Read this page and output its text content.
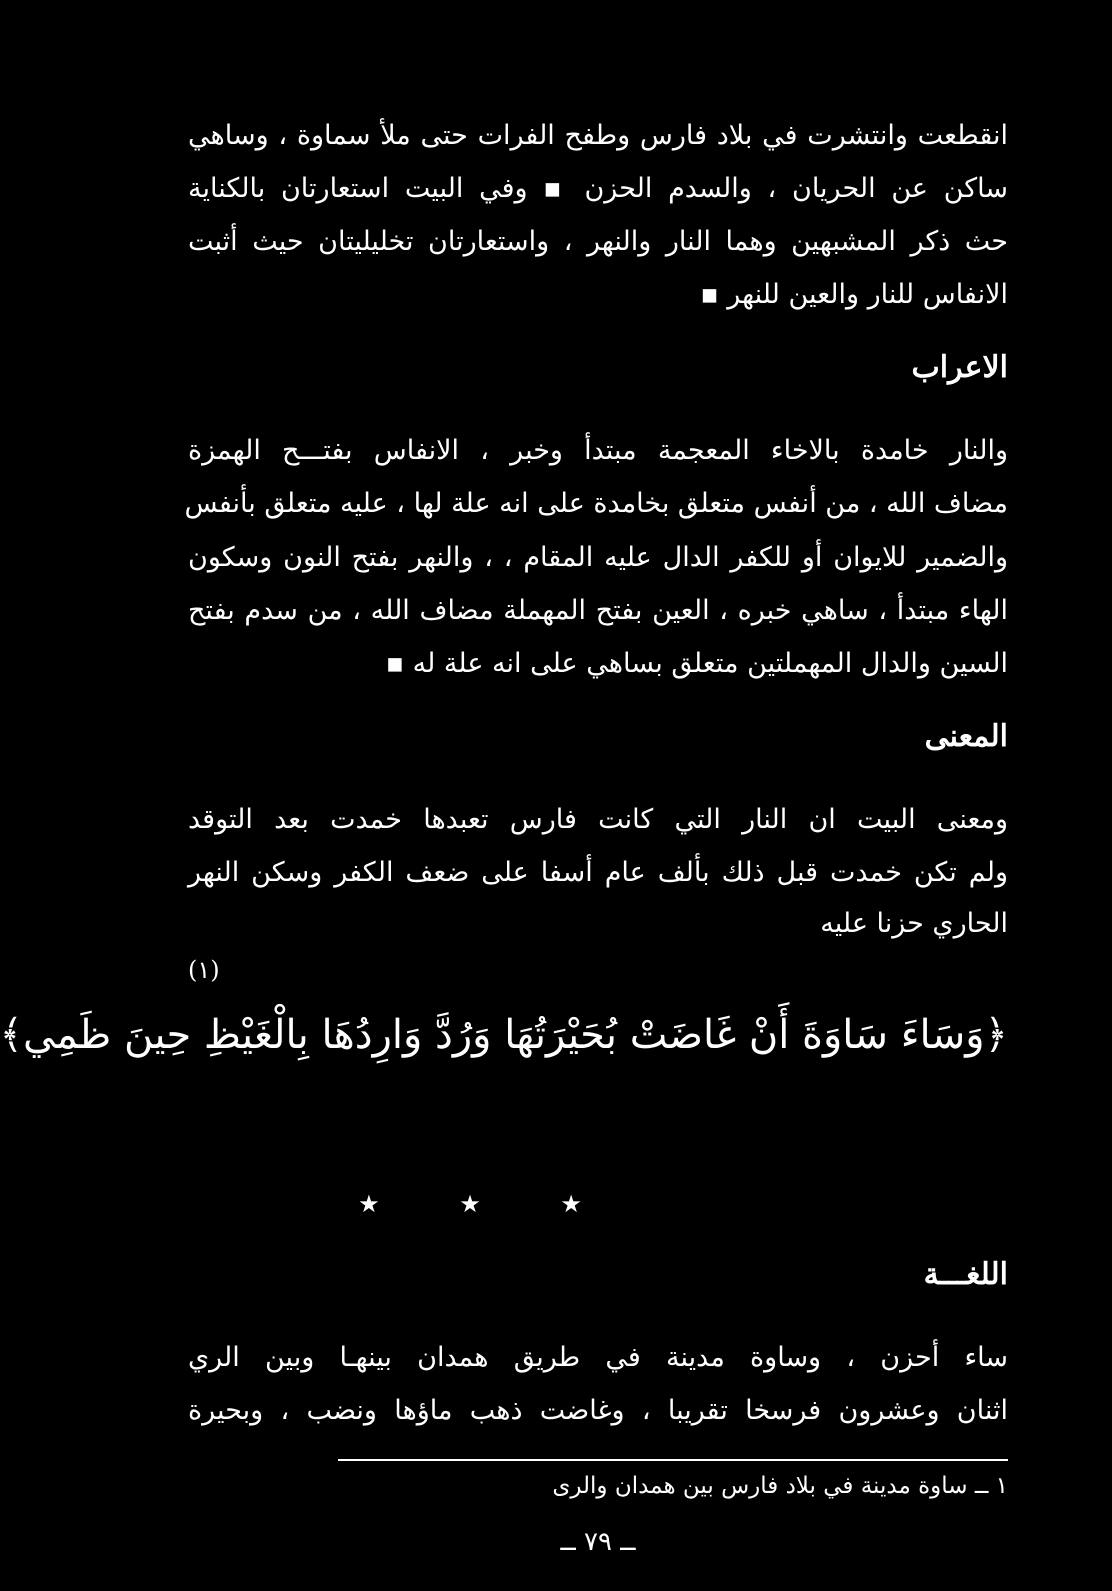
انقطعت وانتشرت في بلاد فارس وطفح الفرات حتى ملأ سماوة ، وساهي
ساكن عن الحريان ، والسدم الحزن ▪ وفي البيت استعارتان بالكناية
حث ذكر المشبهين وهما النار والنهر ، واستعارتان تخليليتان حيث أثبت
الانفاس للنار والعين للنهر ▪
الاعراب
والنار خامدة بالاخاء المعجمة مبتدأ وخبر ، الانفاس بفتـــح الهمزة
مضاف الله ، من أنفس متعلق بخامدة على انه علة لها ، عليه متعلق بأنفس
والضمير للايوان أو للكفر الدال عليه المقام ، ، والنهر بفتح النون وسكون
الهاء مبتدأ ، ساهي خبره ، العين بفتح المهملة مضاف الله ، من سدم بفتح
السين والدال المهملتين متعلق بساهي على انه علة له ▪
المعنى
ومعنى البيت ان النار التي كانت فارس تعبدها خمدت بعد التوقد
ولم تكن خمدت قبل ذلك بألف عام أسفا على ضعف الكفر وسكن النهر
الحاري حزنا عليه
(١)
﴿وَسَاءَ سَاوَةَ أَنْ غَاضَتْ بُحَيْرَتُهَا وَرُدَّ وَارِدُهَا بِالْغَيْظِ حِينَ ظَمِي﴾
★ ★ ★
اللغـــة
ساء أحزن ، وساوة مدينة في طريق همدان بينهـا وبين الري
اثنان وعشرون فرسخا تقريبا ، وغاضت ذهب ماؤها ونضب ، وبحيرة
١ ــ ساوة مدينة في بلاد فارس بين همدان والرى
ــ ٧٩ ــ
